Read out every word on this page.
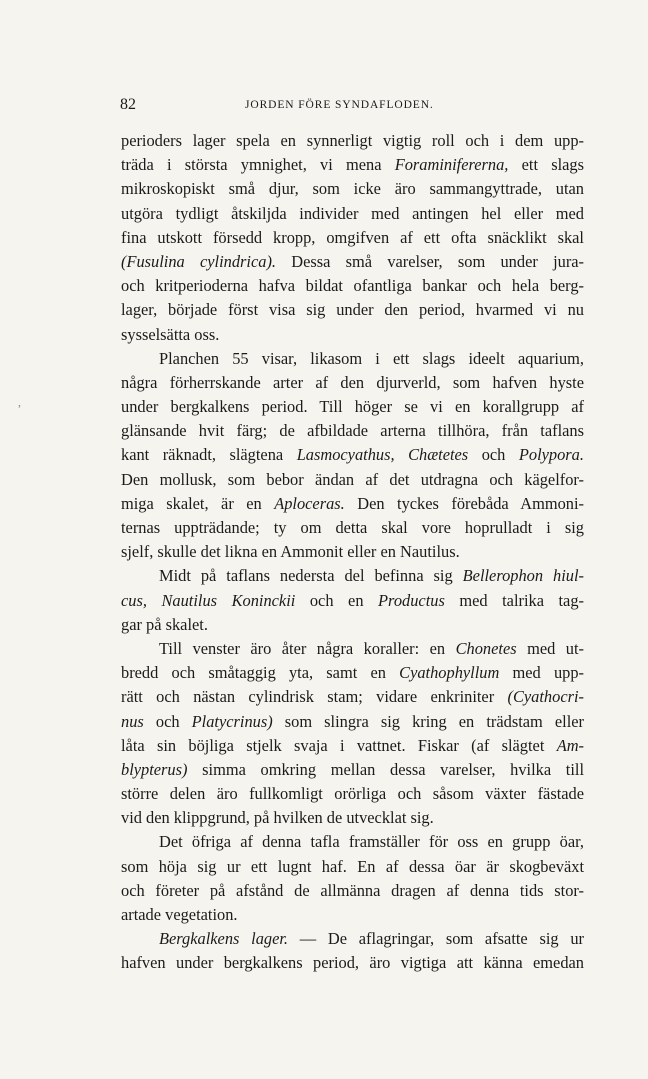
82	JORDEN FÖRE SYNDAFLODEN.
perioders lager spela en synnerligt vigtig roll och i dem upp-
träda i största ymnighet, vi mena Foraminifererna, ett slags
mikroskopiskt små djur, som icke äro sammangyttrade, utan
utgöra tydligt åtskiljda individer med antingen hel eller med
fina utskott försedd kropp, omgifven af ett ofta snäcklikt skal
(Fusulina cylindrica). Dessa små varelser, som under jura-
och kritperioderna hafva bildat ofantliga bankar och hela berg-
lager, började först visa sig under den period, hvarmed vi nu
sysselsätta oss.
Planchen 55 visar, likasom i ett slags ideelt aquarium,
några förherrskande arter af den djurverld, som hafven hyste
under bergkalkens period. Till höger se vi en korallgrupp af
glänsande hvit färg; de afbildade arterna tillhöra, från taflans
kant räknadt, slägtena Lasmocyathus, Chætetes och Polypora.
Den mollusk, som bebor ändan af det utdragna och kägelfor-
miga skalet, är en Aploceras. Den tyckes förebåda Ammoni-
ternas uppträdande; ty om detta skal vore hoprulladt i sig
sjelf, skulle det likna en Ammonit eller en Nautilus.
Midt på taflans nedersta del befinna sig Bellerophon hiul-
cus, Nautilus Koninckii och en Productus med talrika tag-
gar på skalet.
Till venster äro åter några koraller: en Chonetes med ut-
bredd och småtaggig yta, samt en Cyathophyllum med upp-
rätt och nästan cylindrisk stam; vidare enkriniter (Cyathocri-
nus och Platycrinus) som slingra sig kring en trädstam eller
låta sin böjliga stjelk svaja i vattnet. Fiskar (af slägtet Am-
blypterus) simma omkring mellan dessa varelser, hvilka till
större delen äro fullkomligt orörliga och såsom växter fästade
vid den klippgrund, på hvilken de utvecklat sig.
Det öfriga af denna tafla framställer för oss en grupp öar,
som höja sig ur ett lugnt haf. En af dessa öar är skogbeväxt
och företer på afstånd de allmänna dragen af denna tids stor-
artade vegetation.
Bergkalkens lager. — De aflagringar, som afsatte sig ur
hafven under bergkalkens period, äro vigtiga att känna emedan
,
